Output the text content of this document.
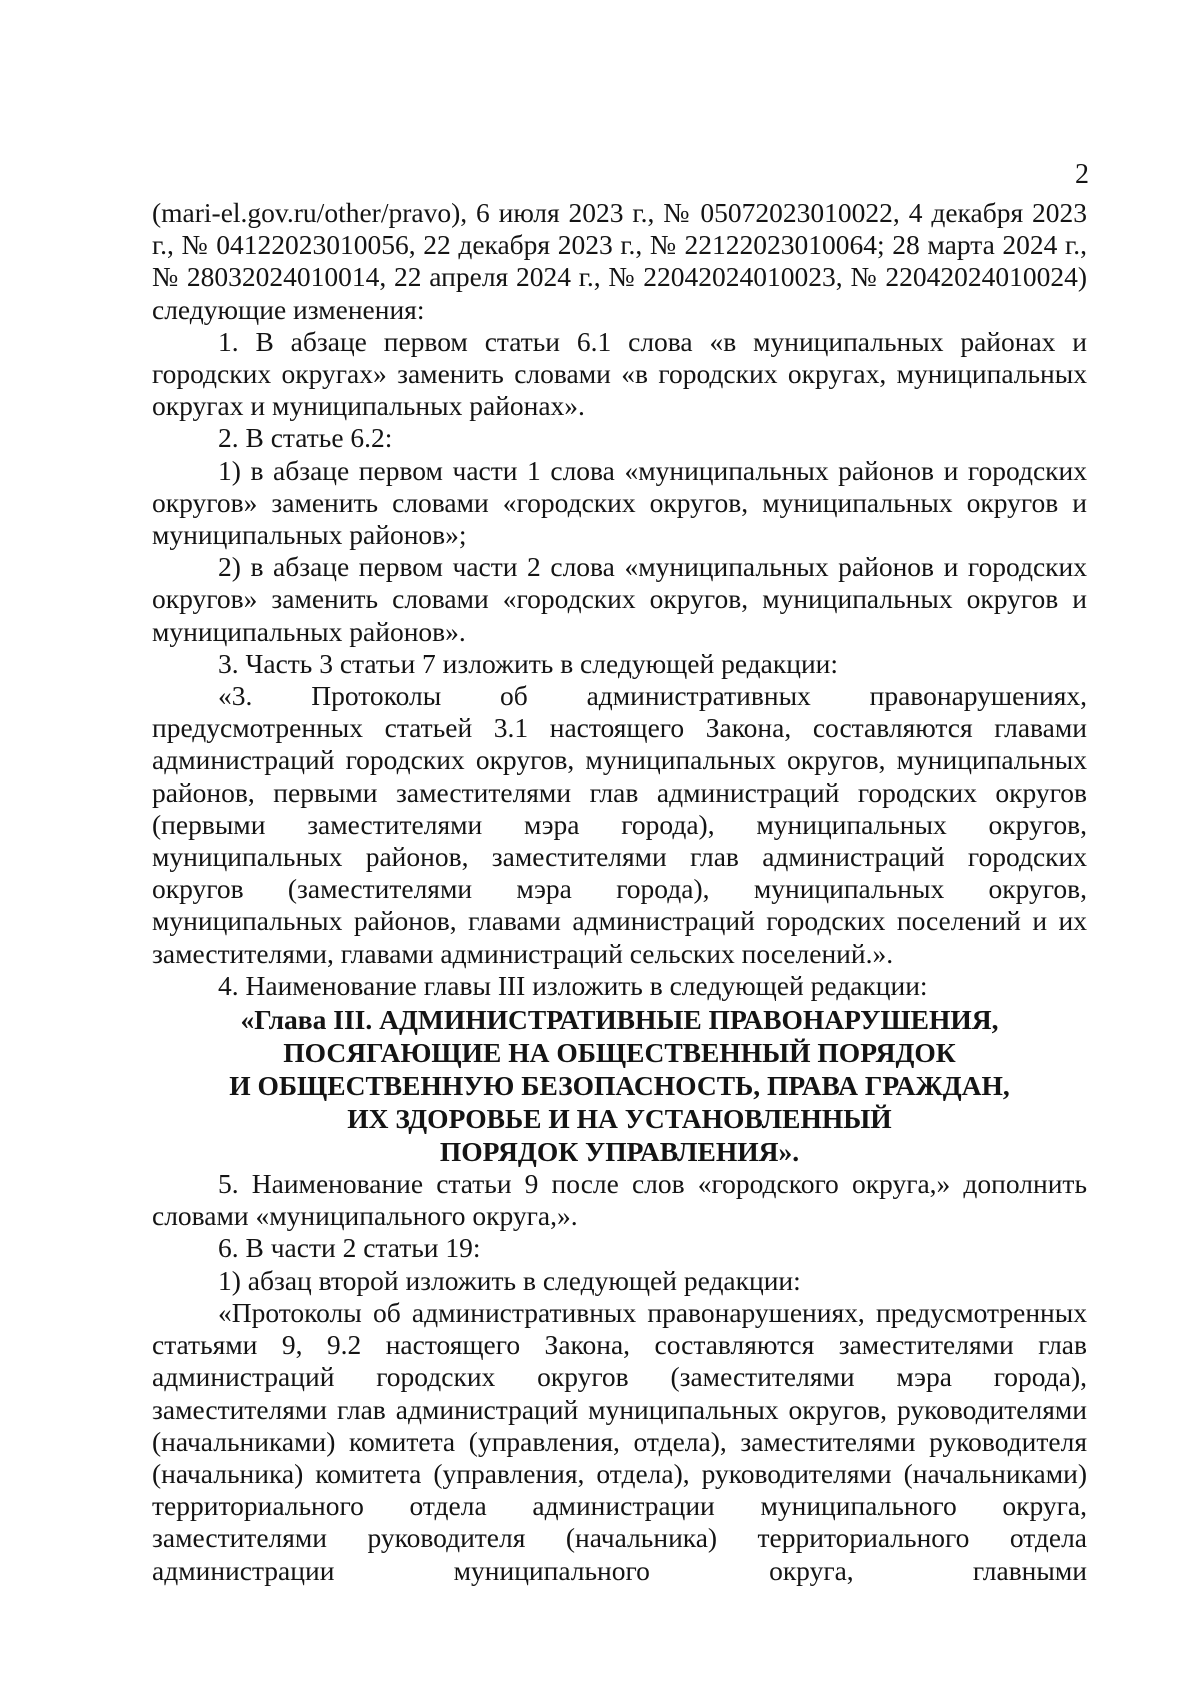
2

(mari-el.gov.ru/other/pravo), 6 июля 2023 г., № 05072023010022, 4 декабря 2023 г., № 04122023010056, 22 декабря 2023 г., № 22122023010064; 28 марта 2024 г., № 28032024010014, 22 апреля 2024 г., № 22042024010023, № 22042024010024) следующие изменения:

1. В абзаце первом статьи 6.1 слова «в муниципальных районах и городских округах» заменить словами «в городских округах, муниципальных округах и муниципальных районах».

2. В статье 6.2:

1) в абзаце первом части 1 слова «муниципальных районов и городских округов» заменить словами «городских округов, муниципальных округов и муниципальных районов»;

2) в абзаце первом части 2 слова «муниципальных районов и городских округов» заменить словами «городских округов, муниципальных округов и муниципальных районов».

3. Часть 3 статьи 7 изложить в следующей редакции:

«3. Протоколы об административных правонарушениях, предусмотренных статьей 3.1 настоящего Закона, составляются главами администраций городских округов, муниципальных округов, муниципальных районов, первыми заместителями глав администраций городских округов (первыми заместителями мэра города), муниципальных округов, муниципальных районов, заместителями глав администраций городских округов (заместителями мэра города), муниципальных округов, муниципальных районов, главами администраций городских поселений и их заместителями, главами администраций сельских поселений.».

4. Наименование главы III изложить в следующей редакции:

«Глава III. АДМИНИСТРАТИВНЫЕ ПРАВОНАРУШЕНИЯ,
ПОСЯГАЮЩИЕ НА ОБЩЕСТВЕННЫЙ ПОРЯДОК
И ОБЩЕСТВЕННУЮ БЕЗОПАСНОСТЬ, ПРАВА ГРАЖДАН,
ИХ ЗДОРОВЬЕ И НА УСТАНОВЛЕННЫЙ
ПОРЯДОК УПРАВЛЕНИЯ».

5. Наименование статьи 9 после слов «городского округа,» дополнить словами «муниципального округа,».

6. В части 2 статьи 19:

1) абзац второй изложить в следующей редакции:

«Протоколы об административных правонарушениях, предусмотренных статьями 9, 9.2 настоящего Закона, составляются заместителями глав администраций городских округов (заместителями мэра города), заместителями глав администраций муниципальных округов, руководителями (начальниками) комитета (управления, отдела), заместителями руководителя (начальника) комитета (управления, отдела), руководителями (начальниками) территориального отдела администрации муниципального округа, заместителями руководителя (начальника) территориального отдела администрации муниципального округа, главными
